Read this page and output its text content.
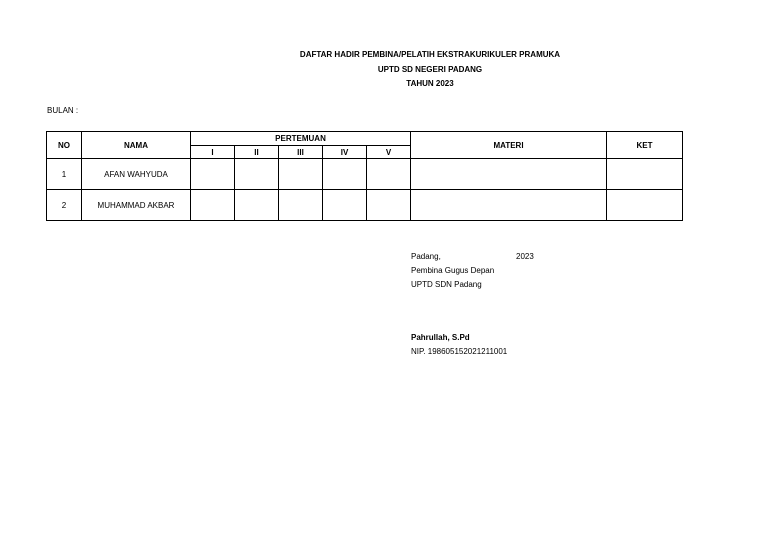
DAFTAR HADIR PEMBINA/PELATIH EKSTRAKURIKULER PRAMUKA
UPTD SD NEGERI PADANG
TAHUN 2023
BULAN :
NO	NAMA	PERTEMUAN					MATERI	KET
		I	II	III	IV	V		
1	AFAN WAHYUDA							
2	MUHAMMAD AKBAR							
Padang,	2023
Pembina Gugus Depan
UPTD SDN Padang
Pahrullah, S.Pd
NIP. 198605152021211001
